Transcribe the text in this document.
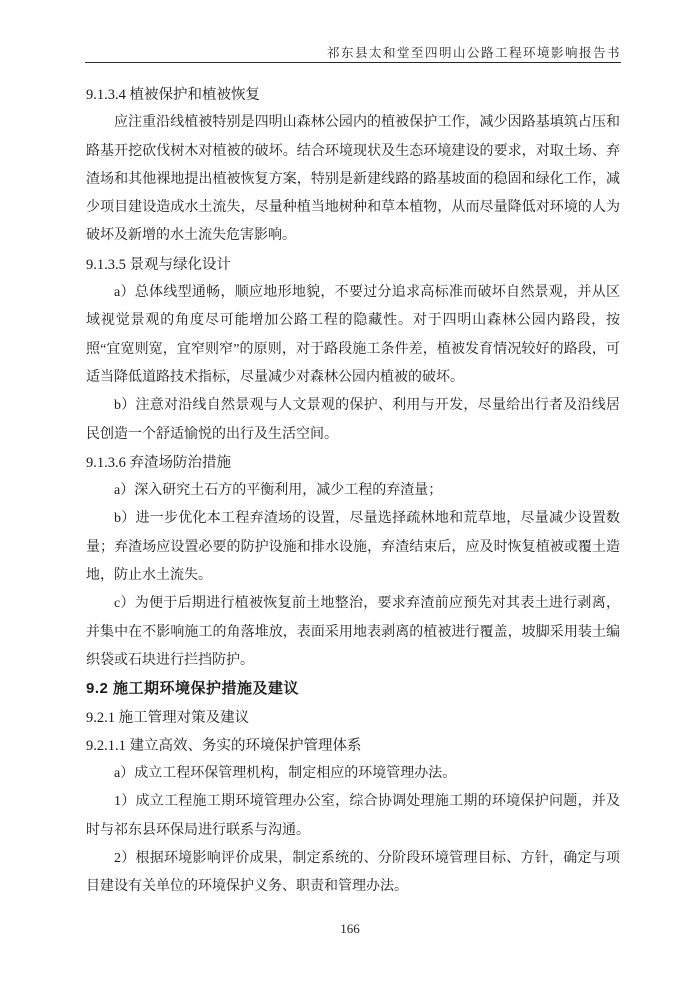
祁东县太和堂至四明山公路工程环境影响报告书
9.1.3.4 植被保护和植被恢复

应注重沿线植被特别是四明山森林公园内的植被保护工作，减少因路基填筑占压和路基开挖砍伐树木对植被的破坏。结合环境现状及生态环境建设的要求，对取土场、弃渣场和其他裸地提出植被恢复方案，特别是新建线路的路基坡面的稳固和绿化工作，减少项目建设造成水土流失，尽量种植当地树种和草本植物，从而尽量降低对环境的人为破坏及新增的水土流失危害影响。

9.1.3.5 景观与绿化设计

a）总体线型通畅，顺应地形地貌，不要过分追求高标准而破坏自然景观，并从区域视觉景观的角度尽可能增加公路工程的隐藏性。对于四明山森林公园内路段，按照“宜宽则宽，宜窄则窄”的原则，对于路段施工条件差，植被发育情况较好的路段，可适当降低道路技术指标，尽量减少对森林公园内植被的破坏。

b）注意对沿线自然景观与人文景观的保护、利用与开发，尽量给出行者及沿线居民创造一个舒适愉悦的出行及生活空间。

9.1.3.6 弃渣场防治措施

a）深入研究土石方的平衡利用，减少工程的弃渣量；

b）进一步优化本工程弃渣场的设置，尽量选择疏林地和荒草地，尽量减少设置数量；弃渣场应设置必要的防护设施和排水设施，弃渣结束后，应及时恢复植被或覆土造地，防止水土流失。

c）为便于后期进行植被恢复前土地整治，要求弃渣前应预先对其表土进行剥离，并集中在不影响施工的角落堆放，表面采用地表剥离的植被进行覆盖，坡脚采用装土编织袋或石块进行拦挡防护。

9.2 施工期环境保护措施及建议
9.2.1 施工管理对策及建议
9.2.1.1 建立高效、务实的环境保护管理体系

a）成立工程环保管理机构，制定相应的环境管理办法。

1）成立工程施工期环境管理办公室，综合协调处理施工期的环境保护问题，并及时与祁东县环保局进行联系与沟通。

2）根据环境影响评价成果，制定系统的、分阶段环境管理目标、方针，确定与项目建设有关单位的环境保护义务、职责和管理办法。

166
